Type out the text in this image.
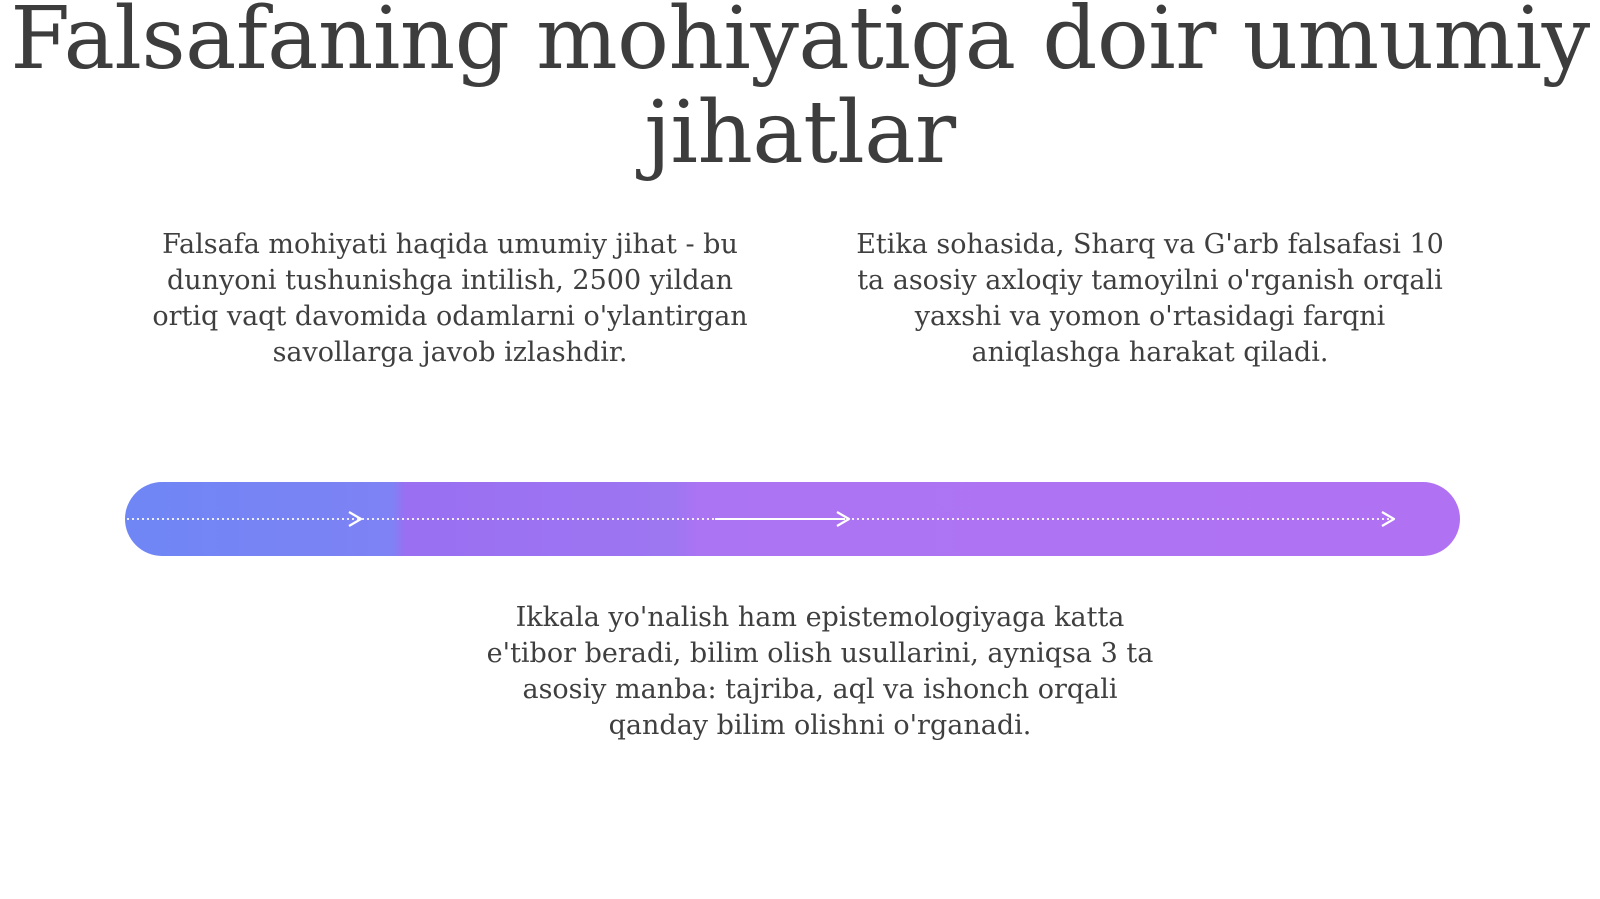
Falsafaning mohiyatiga doir umumiy jihatlar

Falsafa mohiyati haqida umumiy jihat - bu dunyoni tushunishga intilish, 2500 yildan ortiq vaqt davomida odamlarni o'ylantirgan savollarga javob izlashdir.

Etika sohasida, Sharq va G'arb falsafasi 10 ta asosiy axloqiy tamoyilni o'rganish orqali yaxshi va yomon o'rtasidagi farqni aniqlashga harakat qiladi.

Ikkala yo'nalish ham epistemologiyaga katta e'tibor beradi, bilim olish usullarini, ayniqsa 3 ta asosiy manba: tajriba, aql va ishonch orqali qanday bilim olishni o'rganadi.
